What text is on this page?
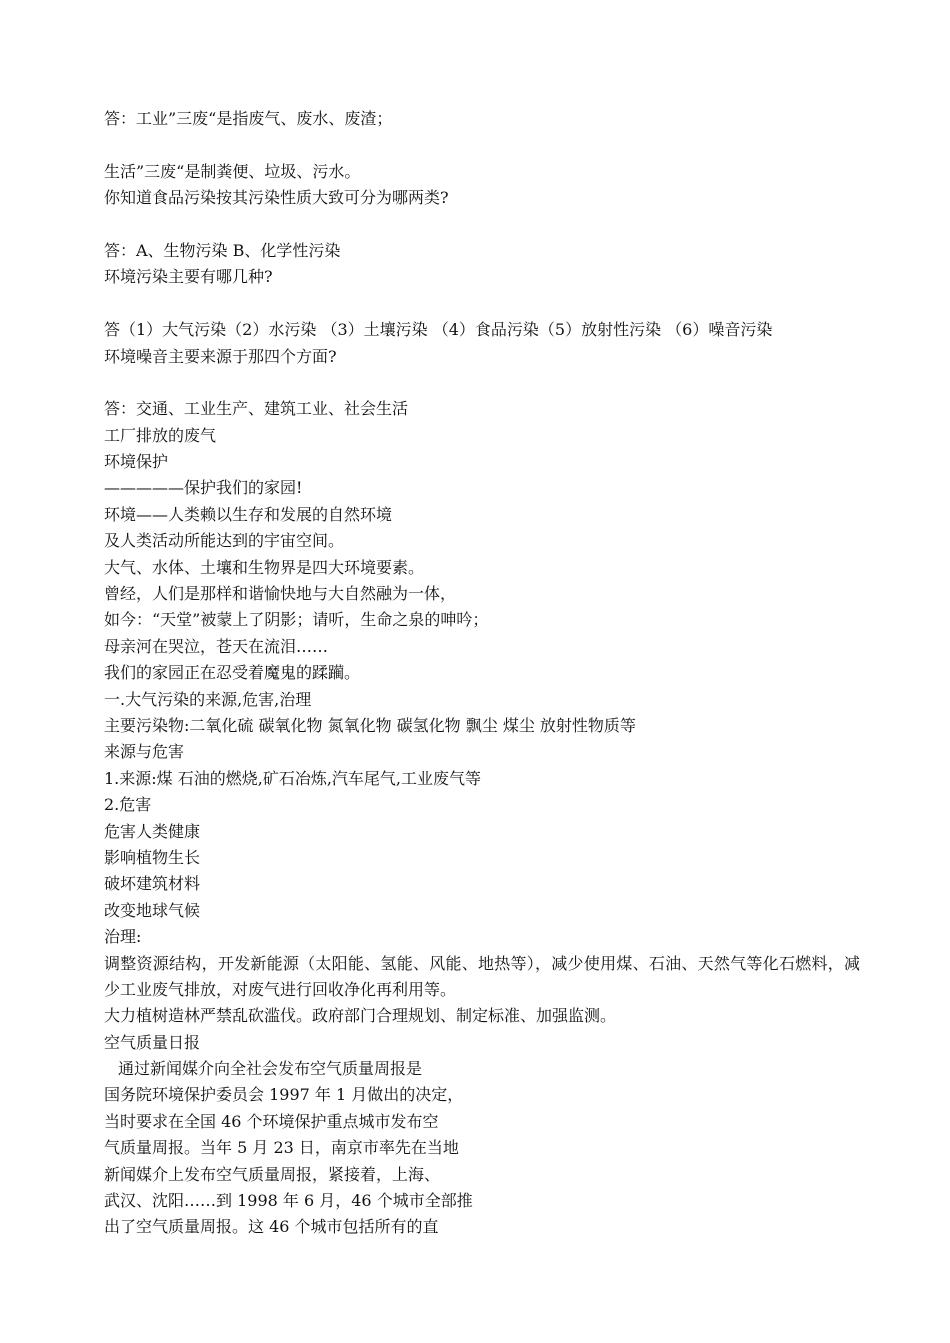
答：工业”三废“是指废气、废水、废渣；
生活”三废“是制粪便、垃圾、污水。
你知道食品污染按其污染性质大致可分为哪两类?
答：A、生物污染 B、化学性污染
环境污染主要有哪几种?
答（1）大气污染（2）水污染 （3）土壤污染 （4）食品污染（5）放射性污染 （6）噪音污染
环境噪音主要来源于那四个方面?
答：交通、工业生产、建筑工业、社会生活
工厂排放的废气
环境保护
—————保护我们的家园!
环境——人类赖以生存和发展的自然环境
及人类活动所能达到的宇宙空间。
大气、水体、土壤和生物界是四大环境要素。
曾经，人们是那样和谐愉快地与大自然融为一体，
如今：“天堂”被蒙上了阴影；请听，生命之泉的呻吟；
母亲河在哭泣，苍天在流泪……
我们的家园正在忍受着魔鬼的蹂躏。
一.大气污染的来源,危害,治理
主要污染物:二氧化硫 碳氧化物 氮氧化物 碳氢化物 飘尘 煤尘 放射性物质等
来源与危害
1.来源:煤 石油的燃烧,矿石冶炼,汽车尾气,工业废气等
2.危害
危害人类健康
影响植物生长
破坏建筑材料
改变地球气候
治理:

调整资源结构，开发新能源（太阳能、氢能、风能、地热等），减少使用煤、石油、天然气等化石燃料，减少工业废气排放，对废气进行回收净化再利用等。

大力植树造林严禁乱砍滥伐。政府部门合理规划、制定标准、加强监测。
空气质量日报
通过新闻媒介向全社会发布空气质量周报是
国务院环境保护委员会 1997 年 1 月做出的决定，
当时要求在全国 46 个环境保护重点城市发布空
气质量周报。当年 5 月 23 日，南京市率先在当地
新闻媒介上发布空气质量周报，紧接着，上海、
武汉、沈阳……到 1998 年 6 月，46 个城市全部推
出了空气质量周报。这 46 个城市包括所有的直
